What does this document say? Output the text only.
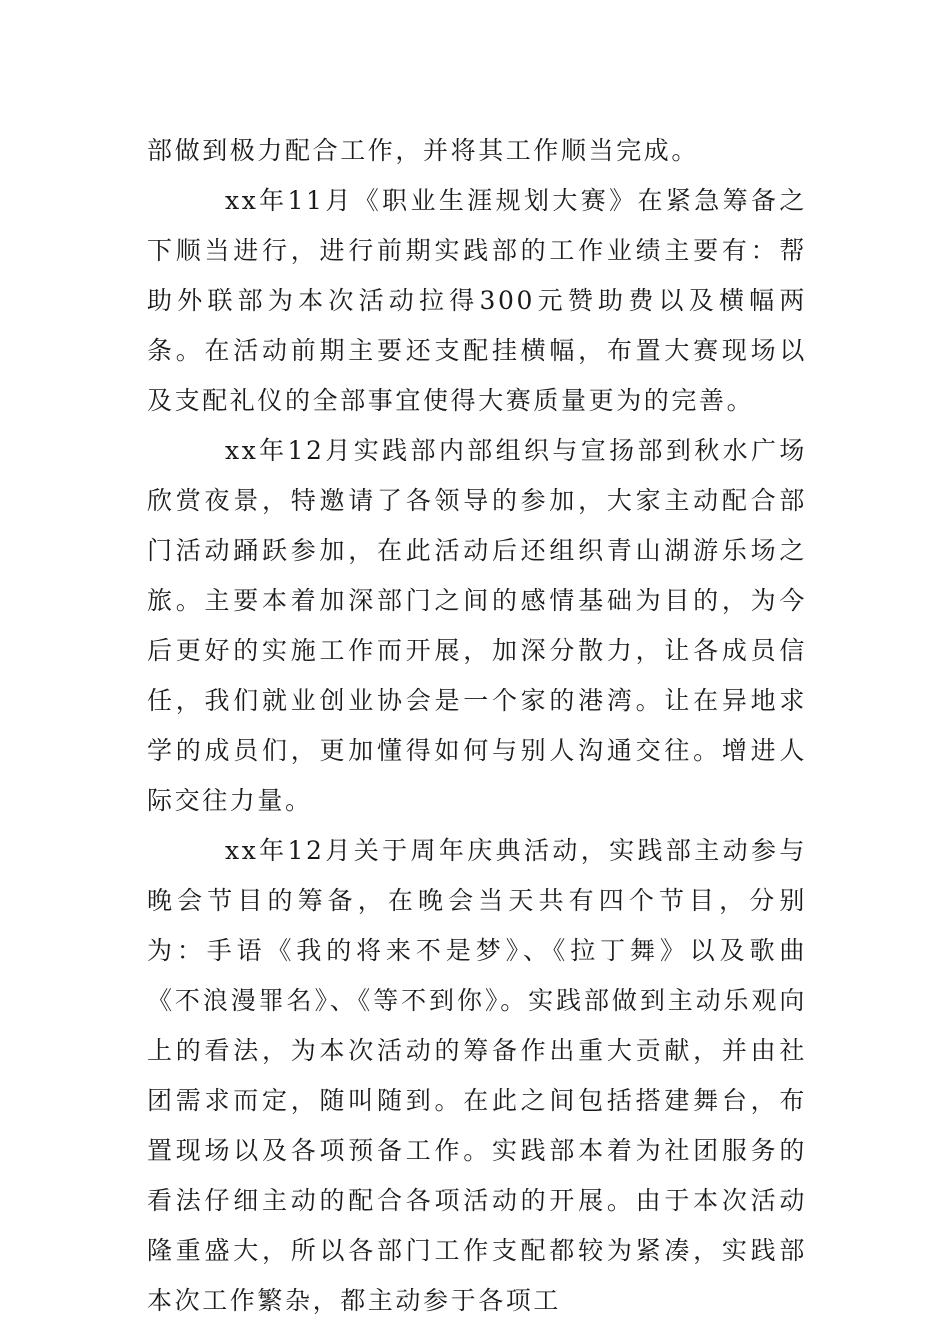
部做到极力配合工作，并将其工作顺当完成。

xx年11月《职业生涯规划大赛》在紧急筹备之下顺当进行，进行前期实践部的工作业绩主要有：帮助外联部为本次活动拉得300元赞助费以及横幅两条。在活动前期主要还支配挂横幅，布置大赛现场以及支配礼仪的全部事宜使得大赛质量更为的完善。

xx年12月实践部内部组织与宣扬部到秋水广场欣赏夜景，特邀请了各领导的参加，大家主动配合部门活动踊跃参加，在此活动后还组织青山湖游乐场之旅。主要本着加深部门之间的感情基础为目的，为今后更好的实施工作而开展，加深分散力，让各成员信任，我们就业创业协会是一个家的港湾。让在异地求学的成员们，更加懂得如何与别人沟通交往。增进人际交往力量。

xx年12月关于周年庆典活动，实践部主动参与晚会节目的筹备，在晚会当天共有四个节目，分别为：手语《我的将来不是梦》、《拉丁舞》以及歌曲《不浪漫罪名》、《等不到你》。实践部做到主动乐观向上的看法，为本次活动的筹备作出重大贡献，并由社团需求而定，随叫随到。在此之间包括搭建舞台，布置现场以及各项预备工作。实践部本着为社团服务的看法仔细主动的配合各项活动的开展。由于本次活动隆重盛大，所以各部门工作支配都较为紧凑，实践部本次工作繁杂，都主动参于各项工
